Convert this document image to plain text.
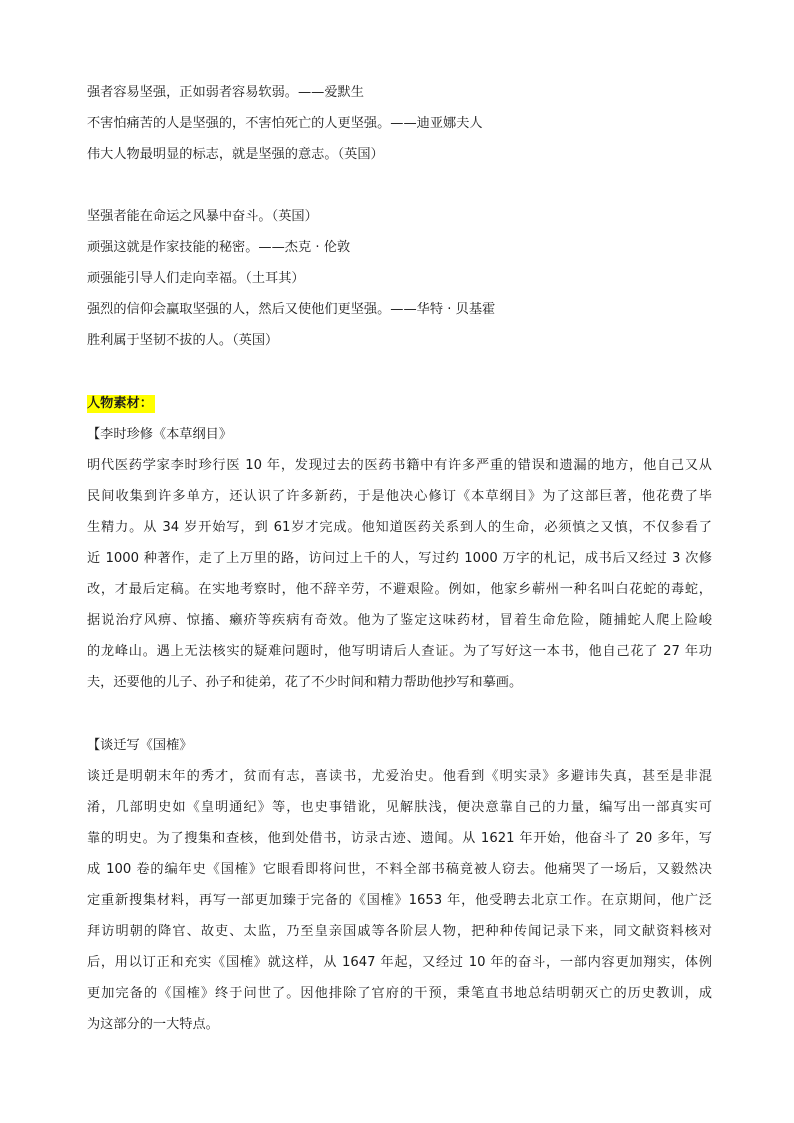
强者容易坚强，正如弱者容易软弱。——爱默生
不害怕痛苦的人是坚强的，不害怕死亡的人更坚强。——迪亚娜夫人
伟大人物最明显的标志，就是坚强的意志。（英国）
坚强者能在命运之风暴中奋斗。（英国）
顽强这就是作家技能的秘密。——杰克 · 伦敦
顽强能引导人们走向幸福。（土耳其）
强烈的信仰会赢取坚强的人，然后又使他们更坚强。——华特 · 贝基霍
胜利属于坚韧不拔的人。（英国）
人物素材：
【李时珍修《本草纲目》
明代医药学家李时珍行医 10 年，发现过去的医药书籍中有许多严重的错误和遗漏的地方，他自己又从
民间收集到许多单方，还认识了许多新药，于是他决心修订《本草纲目》为了这部巨著，他花费了毕
生精力。从 34 岁开始写，到 61岁才完成。他知道医药关系到人的生命，必须慎之又慎，不仅参看了
近 1000 种著作，走了上万里的路，访问过上千的人，写过约 1000 万字的札记，成书后又经过 3 次修
改，才最后定稿。在实地考察时，他不辞辛劳，不避艰险。例如，他家乡蕲州一种名叫白花蛇的毒蛇，
据说治疗风痹、惊搐、癞疥等疾病有奇效。他为了鉴定这味药材，冒着生命危险，随捕蛇人爬上险峻
的龙峰山。遇上无法核实的疑难问题时，他写明请后人查证。为了写好这一本书，他自己花了 27 年功
夫，还要他的儿子、孙子和徒弟，花了不少时间和精力帮助他抄写和摹画。
【谈迁写《国榷》
谈迁是明朝末年的秀才，贫而有志，喜读书，尤爱治史。他看到《明实录》多避讳失真，甚至是非混
淆，几部明史如《皇明通纪》等，也史事错讹，见解肤浅，便决意靠自己的力量，编写出一部真实可
靠的明史。为了搜集和查核，他到处借书，访录古迹、遗闻。从 1621 年开始，他奋斗了 20 多年，写
成 100 卷的编年史《国榷》它眼看即将问世，不料全部书稿竟被人窃去。他痛哭了一场后，又毅然决
定重新搜集材料，再写一部更加臻于完备的《国榷》1653 年，他受聘去北京工作。在京期间，他广泛
拜访明朝的降官、故吏、太监，乃至皇亲国戚等各阶层人物，把种种传闻记录下来，同文献资料核对
后，用以订正和充实《国榷》就这样，从 1647 年起，又经过 10 年的奋斗，一部内容更加翔实，体例
更加完备的《国榷》终于问世了。因他排除了官府的干预，秉笔直书地总结明朝灭亡的历史教训，成
为这部分的一大特点。
